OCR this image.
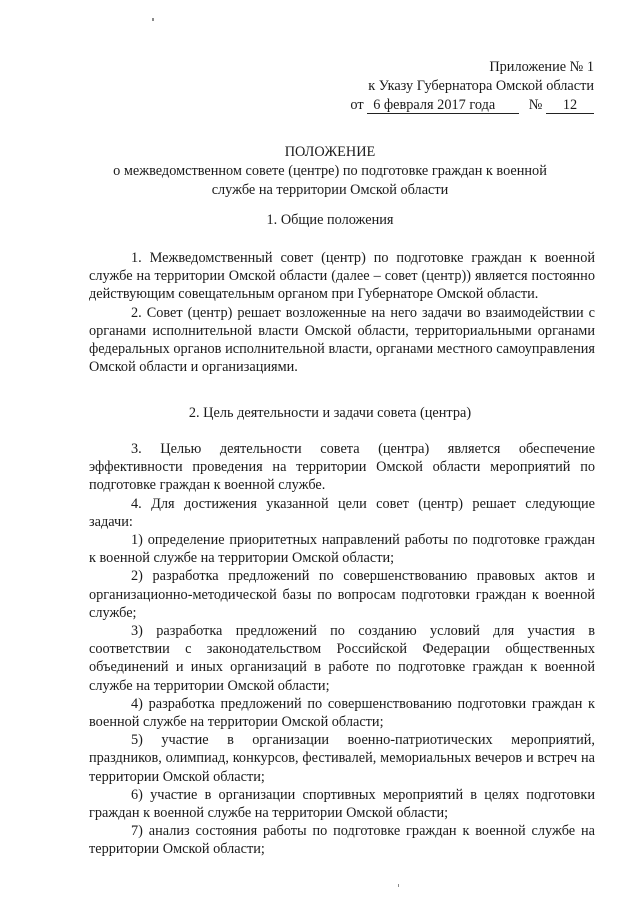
Приложение № 1
к Указу Губернатора Омской области
от 6 февраля 2017 года № 12
ПОЛОЖЕНИЕ
о межведомственном совете (центре) по подготовке граждан к военной
службе на территории Омской области
1. Общие положения

1. Межведомственный совет (центр) по подготовке граждан к военной службе на территории Омской области (далее – совет (центр)) является постоянно действующим совещательным органом при Губернаторе Омской области.

2. Совет (центр) решает возложенные на него задачи во взаимодействии с органами исполнительной власти Омской области, территориальными органами федеральных органов исполнительной власти, органами местного самоуправления Омской области и организациями.

2. Цель деятельности и задачи совета (центра)

3. Целью деятельности совета (центра) является обеспечение эффективности проведения на территории Омской области мероприятий по подготовке граждан к военной службе.

4. Для достижения указанной цели совет (центр) решает следующие задачи:

1) определение приоритетных направлений работы по подготовке граждан к военной службе на территории Омской области;

2) разработка предложений по совершенствованию правовых актов и организационно-методической базы по вопросам подготовки граждан к военной службе;

3) разработка предложений по созданию условий для участия в соответствии с законодательством Российской Федерации общественных объединений и иных организаций в работе по подготовке граждан к военной службе на территории Омской области;

4) разработка предложений по совершенствованию подготовки граждан к военной службе на территории Омской области;

5) участие в организации военно-патриотических мероприятий, праздников, олимпиад, конкурсов, фестивалей, мемориальных вечеров и встреч на территории Омской области;

6) участие в организации спортивных мероприятий в целях подготовки граждан к военной службе на территории Омской области;

7) анализ состояния работы по подготовке граждан к военной службе на территории Омской области;
